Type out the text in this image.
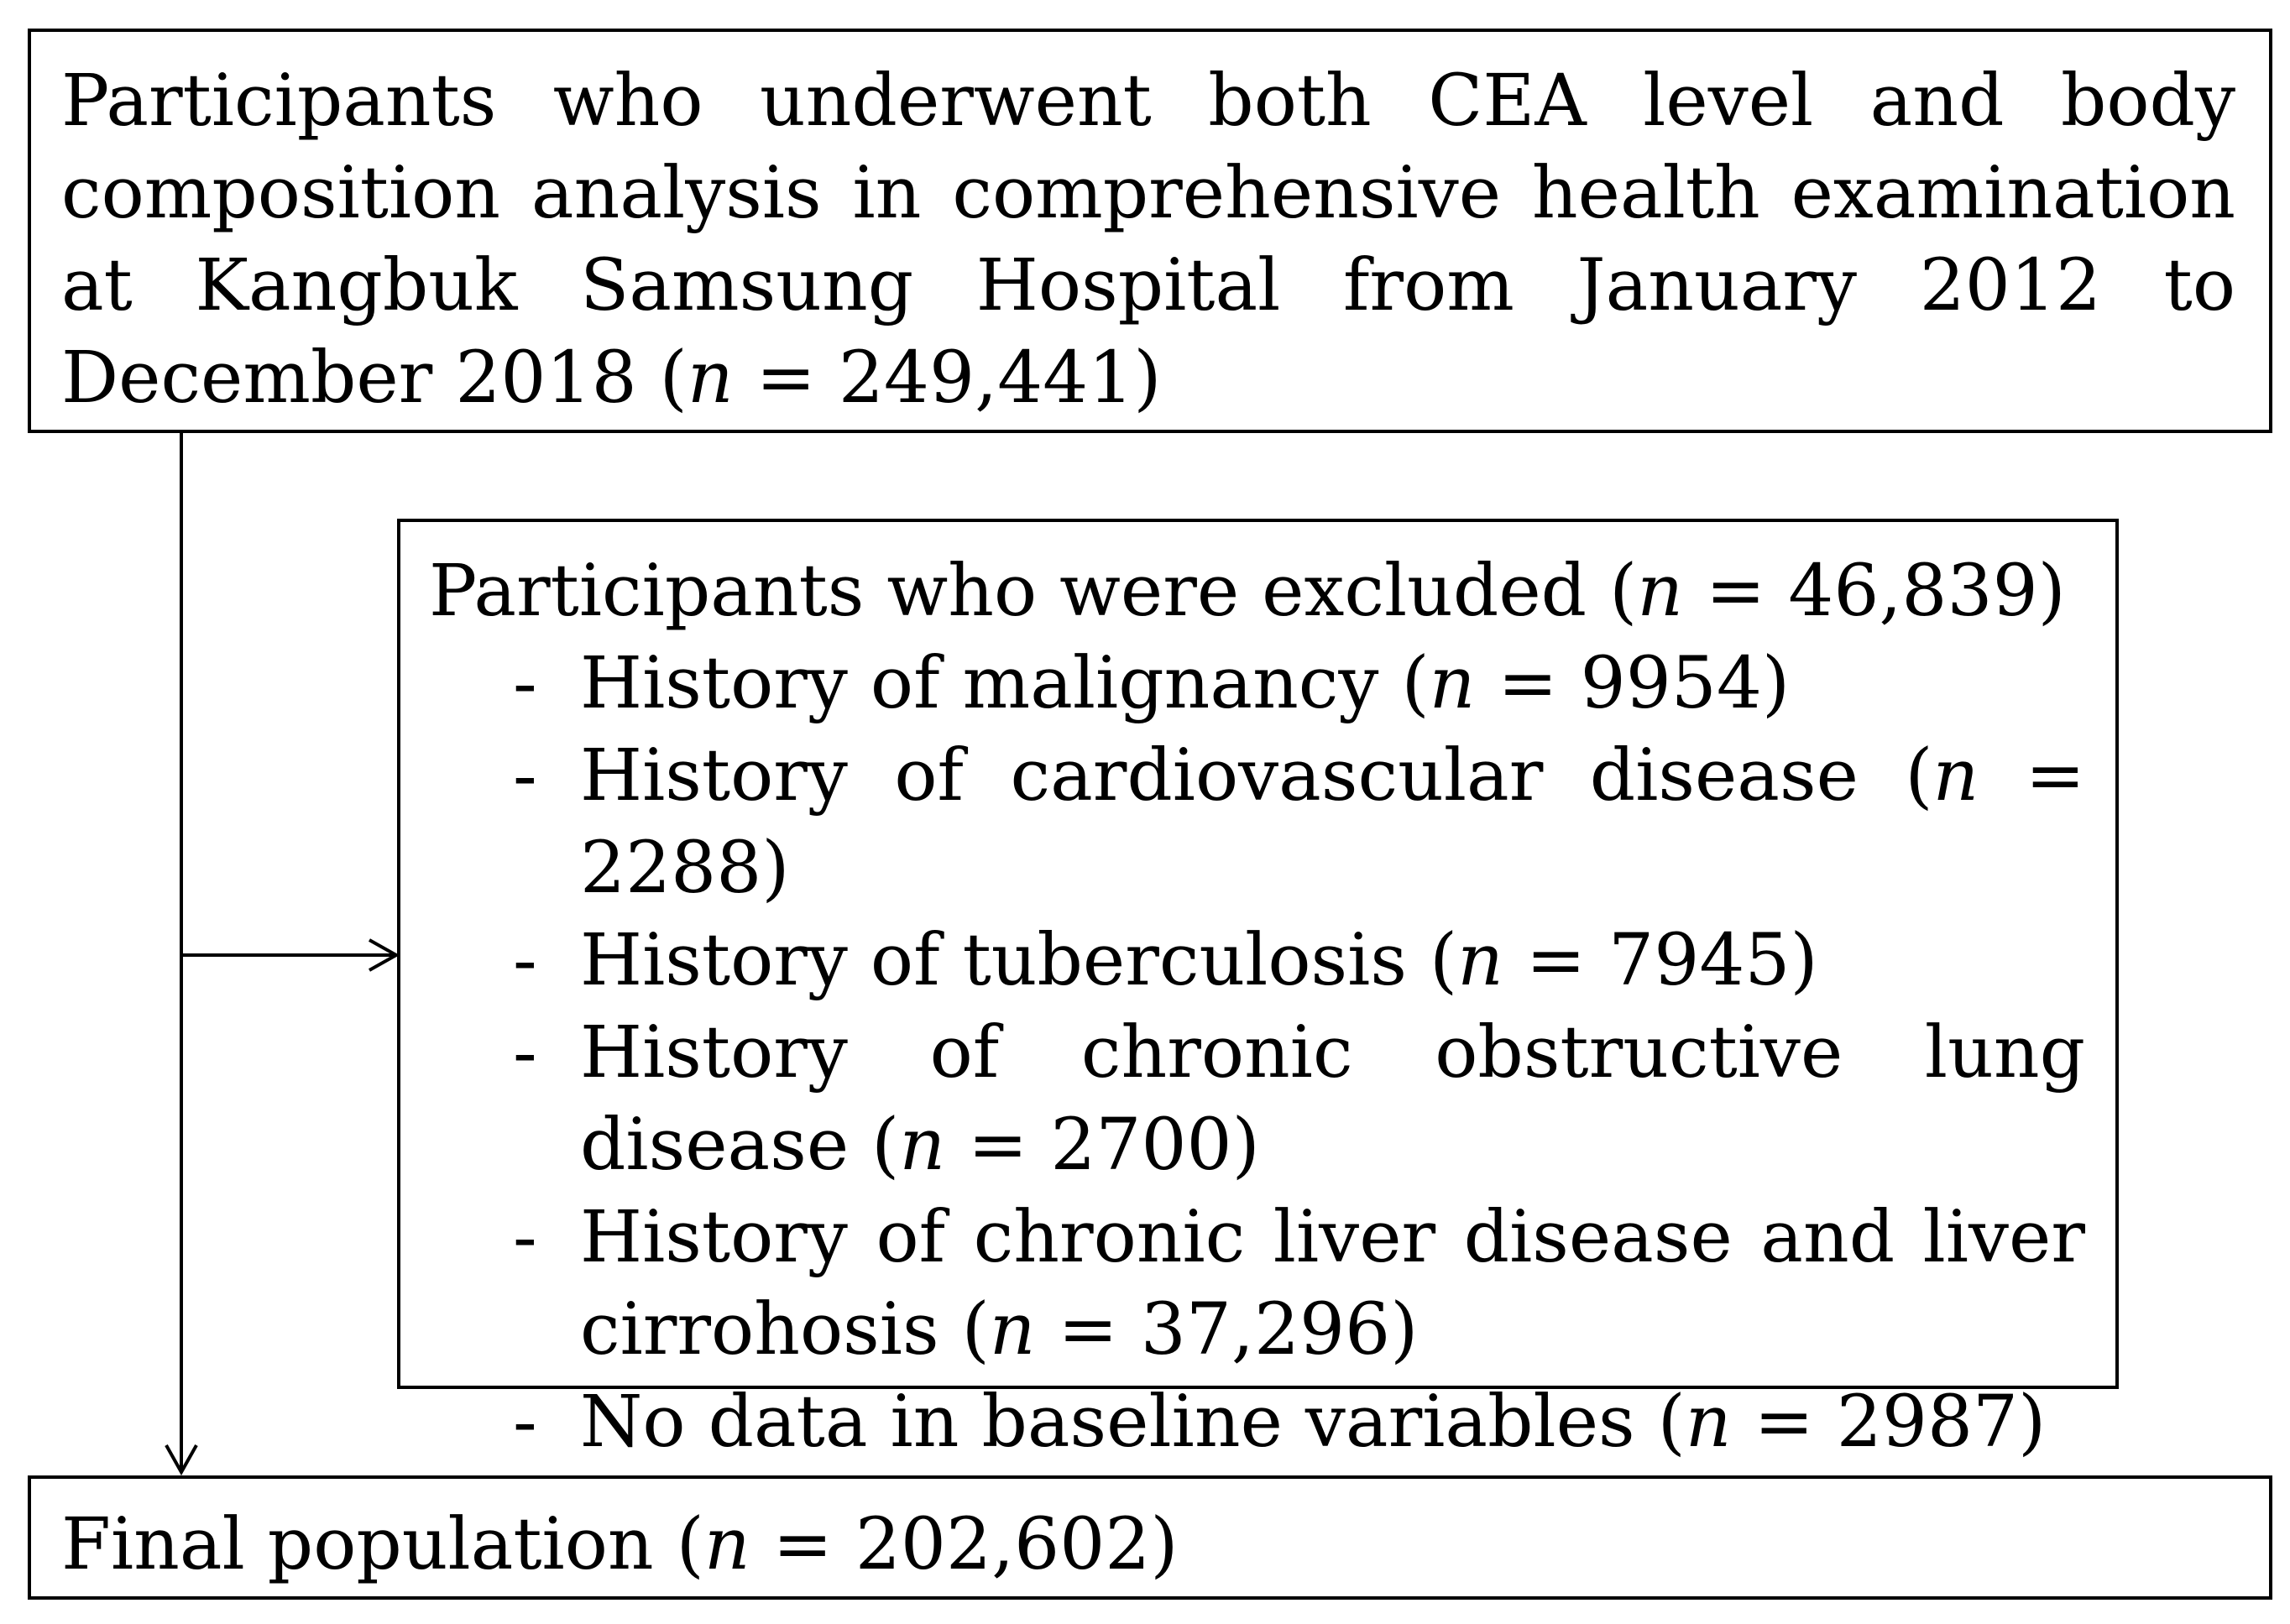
Participants who underwent both CEA level and body composition analysis in comprehensive health examination at Kangbuk Samsung Hospital from January 2012 to December 2018 (n = 249,441)
Participants who were excluded (n = 46,839)
- History of malignancy (n = 9954)
- History of cardiovascular disease (n = 2288)
- History of tuberculosis (n = 7945)
- History of chronic obstructive lung disease (n = 2700)
- History of chronic liver disease and liver cirrohosis (n = 37,296)
- No data in baseline variables (n = 2987)
Final population (n = 202,602)
